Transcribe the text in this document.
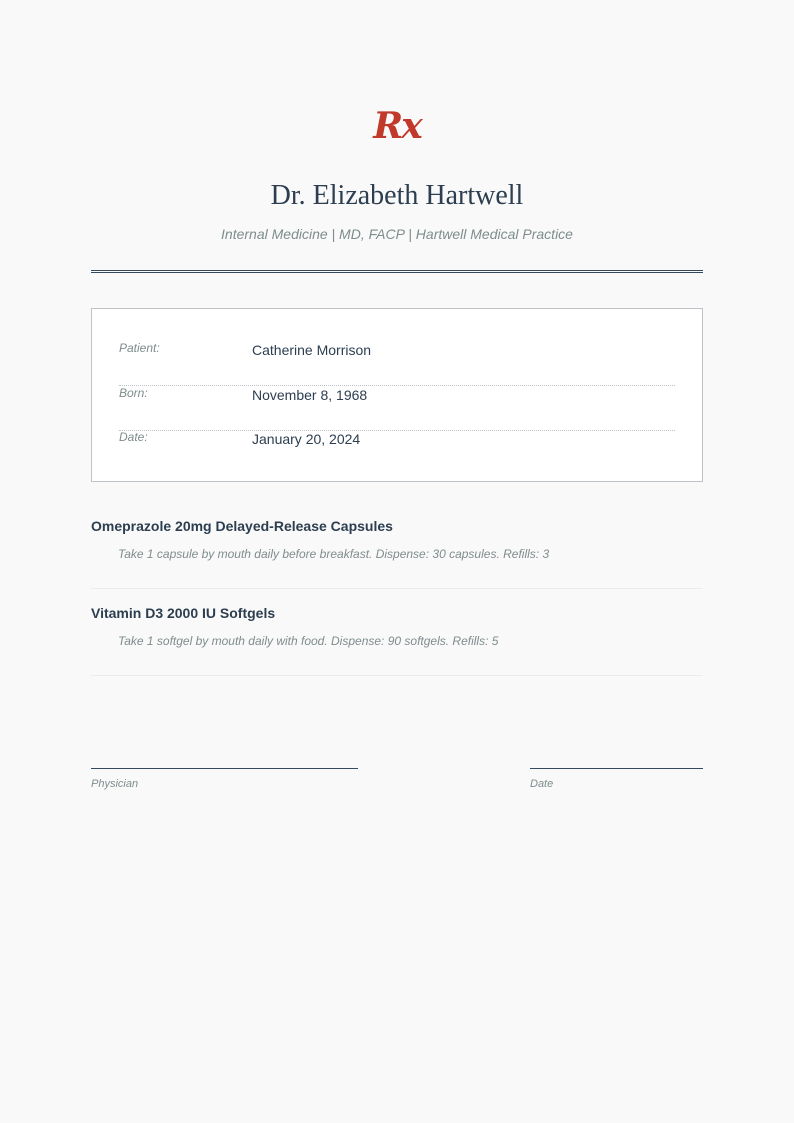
Rx
Dr. Elizabeth Hartwell
Internal Medicine | MD, FACP | Hartwell Medical Practice
Patient:	Catherine Morrison
Born:	November 8, 1968
Date:	January 20, 2024
Omeprazole 20mg Delayed-Release Capsules
Take 1 capsule by mouth daily before breakfast. Dispense: 30 capsules. Refills: 3
Vitamin D3 2000 IU Softgels
Take 1 softgel by mouth daily with food. Dispense: 90 softgels. Refills: 5
Physician	Date
